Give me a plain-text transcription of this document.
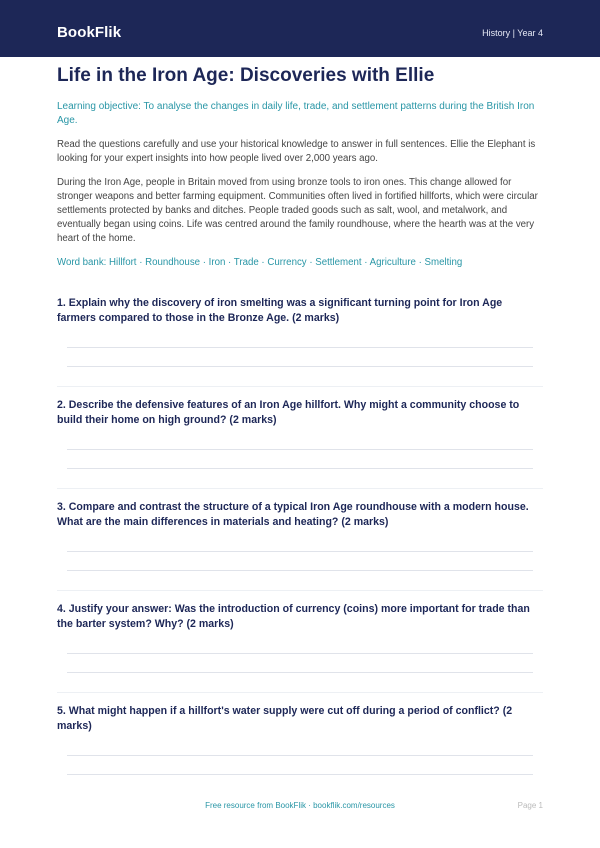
BookFlik	History | Year 4
Life in the Iron Age: Discoveries with Ellie
Learning objective: To analyse the changes in daily life, trade, and settlement patterns during the British Iron Age.
Read the questions carefully and use your historical knowledge to answer in full sentences. Ellie the Elephant is looking for your expert insights into how people lived over 2,000 years ago.
During the Iron Age, people in Britain moved from using bronze tools to iron ones. This change allowed for stronger weapons and better farming equipment. Communities often lived in fortified hillforts, which were circular settlements protected by banks and ditches. People traded goods such as salt, wool, and metalwork, and eventually began using coins. Life was centred around the family roundhouse, where the hearth was at the very heart of the home.
Word bank: Hillfort · Roundhouse · Iron · Trade · Currency · Settlement · Agriculture · Smelting
1. Explain why the discovery of iron smelting was a significant turning point for Iron Age farmers compared to those in the Bronze Age. (2 marks)
2. Describe the defensive features of an Iron Age hillfort. Why might a community choose to build their home on high ground? (2 marks)
3. Compare and contrast the structure of a typical Iron Age roundhouse with a modern house. What are the main differences in materials and heating? (2 marks)
4. Justify your answer: Was the introduction of currency (coins) more important for trade than the barter system? Why? (2 marks)
5. What might happen if a hillfort's water supply were cut off during a period of conflict? (2 marks)
Free resource from BookFlik · bookflik.com/resources	Page 1
